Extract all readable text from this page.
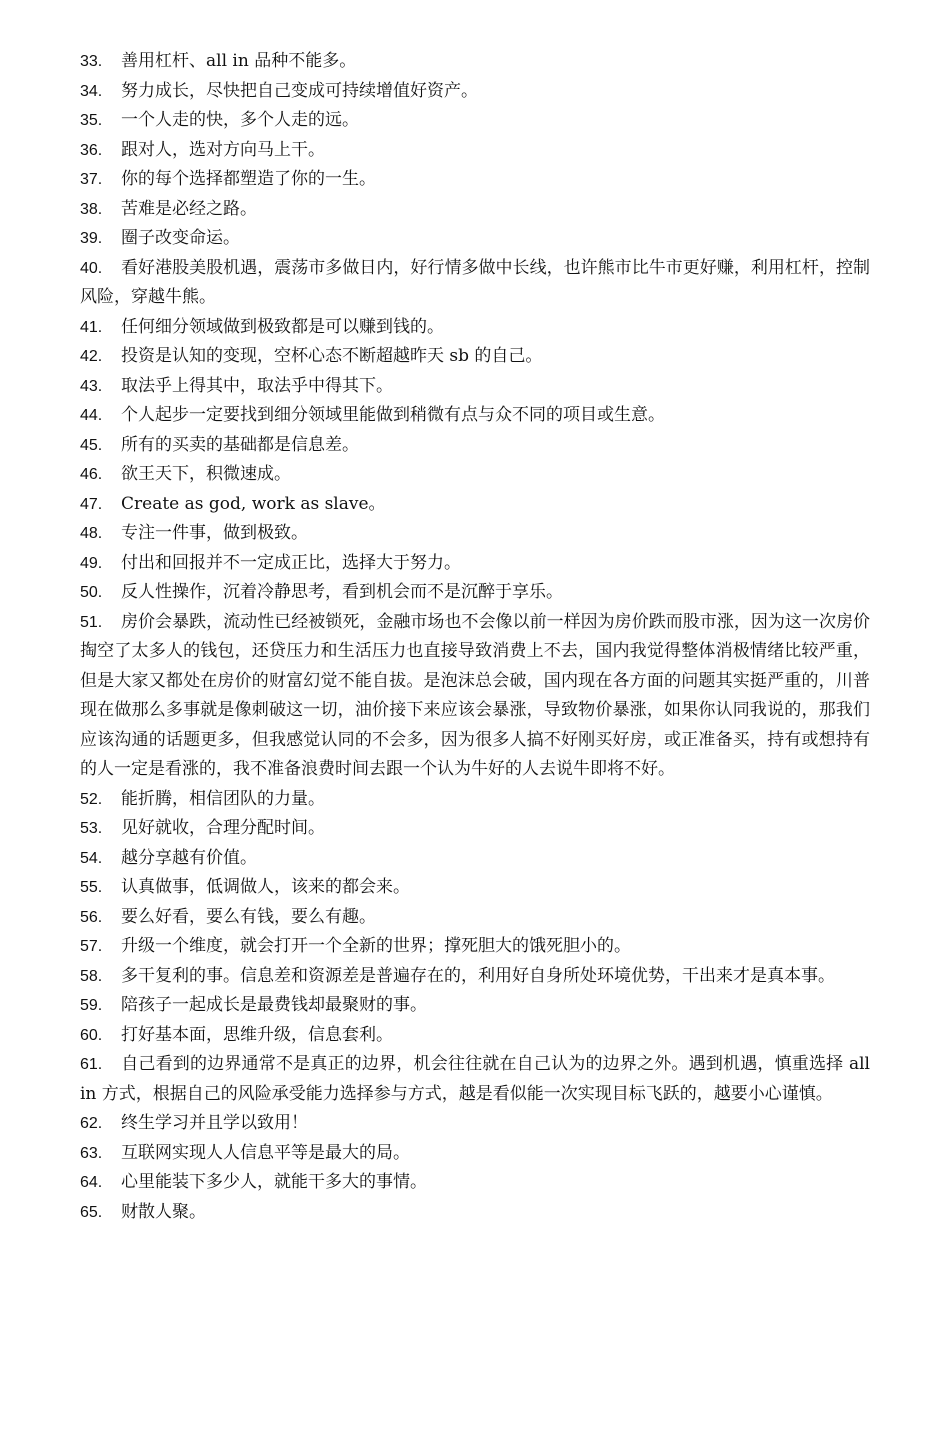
33. 善用杠杆、all in 品种不能多。

34. 努力成长，尽快把自己变成可持续增值好资产。

35. 一个人走的快，多个人走的远。

36. 跟对人，选对方向马上干。

37. 你的每个选择都塑造了你的一生。

38. 苦难是必经之路。

39. 圈子改变命运。

40. 看好港股美股机遇，震荡市多做日内，好行情多做中长线，也许熊市比牛市更好赚，利用杠杆，控制风险，穿越牛熊。

41. 任何细分领域做到极致都是可以赚到钱的。

42. 投资是认知的变现，空杯心态不断超越昨天 sb 的自己。

43. 取法乎上得其中，取法乎中得其下。

44. 个人起步一定要找到细分领域里能做到稍微有点与众不同的项目或生意。

45. 所有的买卖的基础都是信息差。

46. 欲王天下，积微速成。

47. Create as god, work as slave。

48. 专注一件事，做到极致。

49. 付出和回报并不一定成正比，选择大于努力。

50. 反人性操作，沉着冷静思考，看到机会而不是沉醉于享乐。

51. 房价会暴跌，流动性已经被锁死，金融市场也不会像以前一样因为房价跌而股市涨，因为这一次房价掏空了太多人的钱包，还贷压力和生活压力也直接导致消费上不去，国内我觉得整体消极情绪比较严重，但是大家又都处在房价的财富幻觉不能自拔。是泡沫总会破，国内现在各方面的问题其实挺严重的，川普现在做那么多事就是像刺破这一切，油价接下来应该会暴涨，导致物价暴涨，如果你认同我说的，那我们应该沟通的话题更多，但我感觉认同的不会多，因为很多人搞不好刚买好房，或正准备买，持有或想持有的人一定是看涨的，我不准备浪费时间去跟一个认为牛好的人去说牛即将不好。

52. 能折腾，相信团队的力量。

53. 见好就收，合理分配时间。

54. 越分享越有价值。

55. 认真做事，低调做人，该来的都会来。

56. 要么好看，要么有钱，要么有趣。

57. 升级一个维度，就会打开一个全新的世界；撑死胆大的饿死胆小的。

58. 多干复利的事。信息差和资源差是普遍存在的，利用好自身所处环境优势，干出来才是真本事。

59. 陪孩子一起成长是最费钱却最聚财的事。

60. 打好基本面，思维升级，信息套利。

61. 自己看到的边界通常不是真正的边界，机会往往就在自己认为的边界之外。遇到机遇，慎重选择 all in 方式，根据自己的风险承受能力选择参与方式，越是看似能一次实现目标飞跃的，越要小心谨慎。

62. 终生学习并且学以致用！

63. 互联网实现人人信息平等是最大的局。

64. 心里能装下多少人，就能干多大的事情。

65. 财散人聚。
